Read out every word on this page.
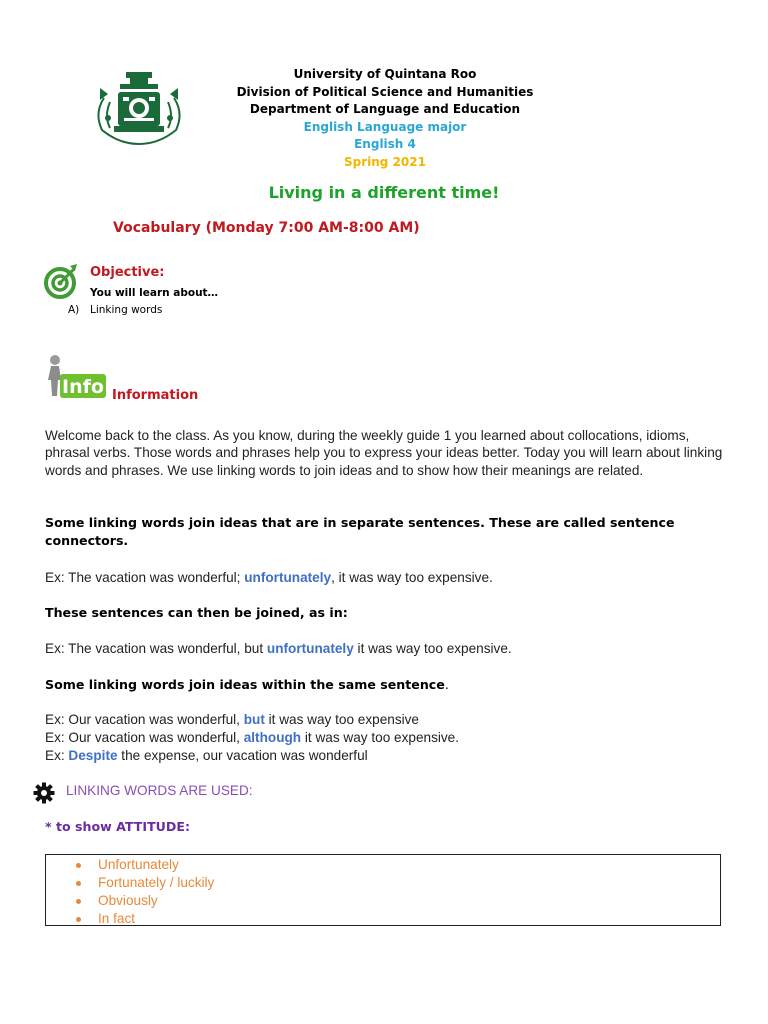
University of Quintana Roo
Division of Political Science and Humanities
Department of Language and Education
English Language major
English 4
Spring 2021
Living in a different time!
Vocabulary (Monday 7:00 AM-8:00 AM)
Objective:
You will learn about…
A) Linking words
Info Information
Welcome back to the class. As you know, during the weekly guide 1 you learned about collocations, idioms, phrasal verbs. Those words and phrases help you to express your ideas better. Today you will learn about linking words and phrases. We use linking words to join ideas and to show how their meanings are related.
Some linking words join ideas that are in separate sentences. These are called sentence connectors.
Ex: The vacation was wonderful; unfortunately, it was way too expensive.
These sentences can then be joined, as in:
Ex: The vacation was wonderful, but unfortunately it was way too expensive.
Some linking words join ideas within the same sentence.
Ex: Our vacation was wonderful, but it was way too expensive
Ex: Our vacation was wonderful, although it was way too expensive.
Ex: Despite the expense, our vacation was wonderful
LINKING WORDS ARE USED:
* to show ATTITUDE:
Unfortunately
Fortunately / luckily
Obviously
In fact
